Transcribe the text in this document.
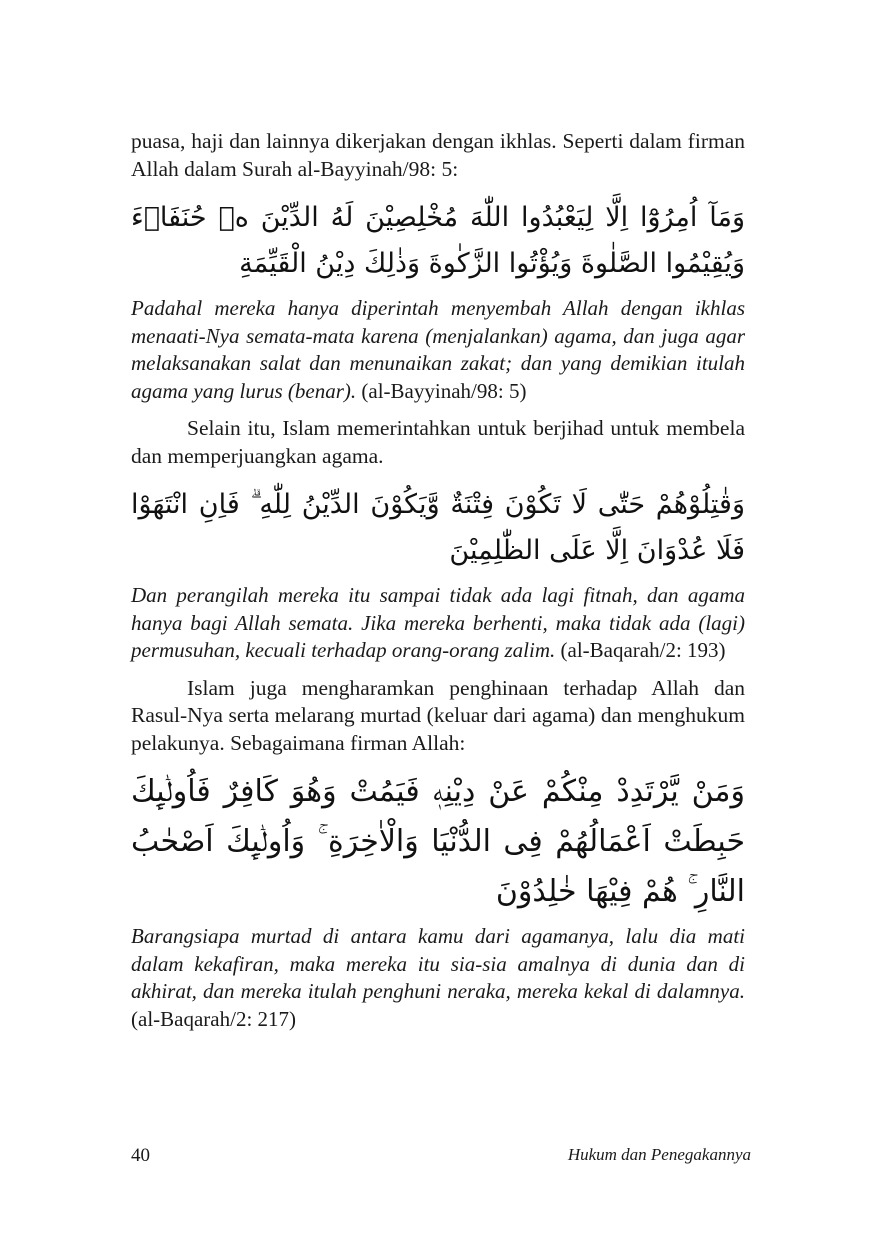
puasa, haji dan lainnya dikerjakan dengan ikhlas. Seperti dalam firman Allah dalam Surah al-Bayyinah/98: 5:

وَمَآ اُمِرُوْٓا اِلَّا لِيَعْبُدُوا اللّٰهَ مُخْلِصِيْنَ لَهُ الدِّيْنَ ەۙ حُنَفَاۤءَ وَيُقِيْمُوا الصَّلٰوةَ وَيُؤْتُوا الزَّكٰوةَ وَذٰلِكَ دِيْنُ الْقَيِّمَةِ

Padahal mereka hanya diperintah menyembah Allah dengan ikhlas menaati-Nya semata-mata karena (menjalankan) agama, dan juga agar melaksanakan salat dan menunaikan zakat; dan yang demikian itulah agama yang lurus (benar). (al-Bayyinah/98: 5)

Selain itu, Islam memerintahkan untuk berjihad untuk membela dan memperjuangkan agama.

وَقٰتِلُوْهُمْ حَتّٰى لَا تَكُوْنَ فِتْنَةٌ وَّيَكُوْنَ الدِّيْنُ لِلّٰهِ ۗ فَاِنِ انْتَهَوْا فَلَا عُدْوَانَ اِلَّا عَلَى الظّٰلِمِيْنَ

Dan perangilah mereka itu sampai tidak ada lagi fitnah, dan agama hanya bagi Allah semata. Jika mereka berhenti, maka tidak ada (lagi) permusuhan, kecuali terhadap orang-orang zalim. (al-Baqarah/2: 193)

Islam juga mengharamkan penghinaan terhadap Allah dan Rasul-Nya serta melarang murtad (keluar dari agama) dan menghukum pelakunya. Sebagaimana firman Allah:

وَمَنْ يَّرْتَدِدْ مِنْكُمْ عَنْ دِيْنِهٖ فَيَمُتْ وَهُوَ كَافِرٌ فَاُولٰۤىِٕكَ حَبِطَتْ اَعْمَالُهُمْ فِى الدُّنْيَا وَالْاٰخِرَةِ ۚ وَاُولٰۤىِٕكَ اَصْحٰبُ النَّارِ ۚ هُمْ فِيْهَا خٰلِدُوْنَ

Barangsiapa murtad di antara kamu dari agamanya, lalu dia mati dalam kekafiran, maka mereka itu sia-sia amalnya di dunia dan di akhirat, dan mereka itulah penghuni neraka, mereka kekal di dalamnya. (al-Baqarah/2: 217)

40	Hukum dan Penegakannya
